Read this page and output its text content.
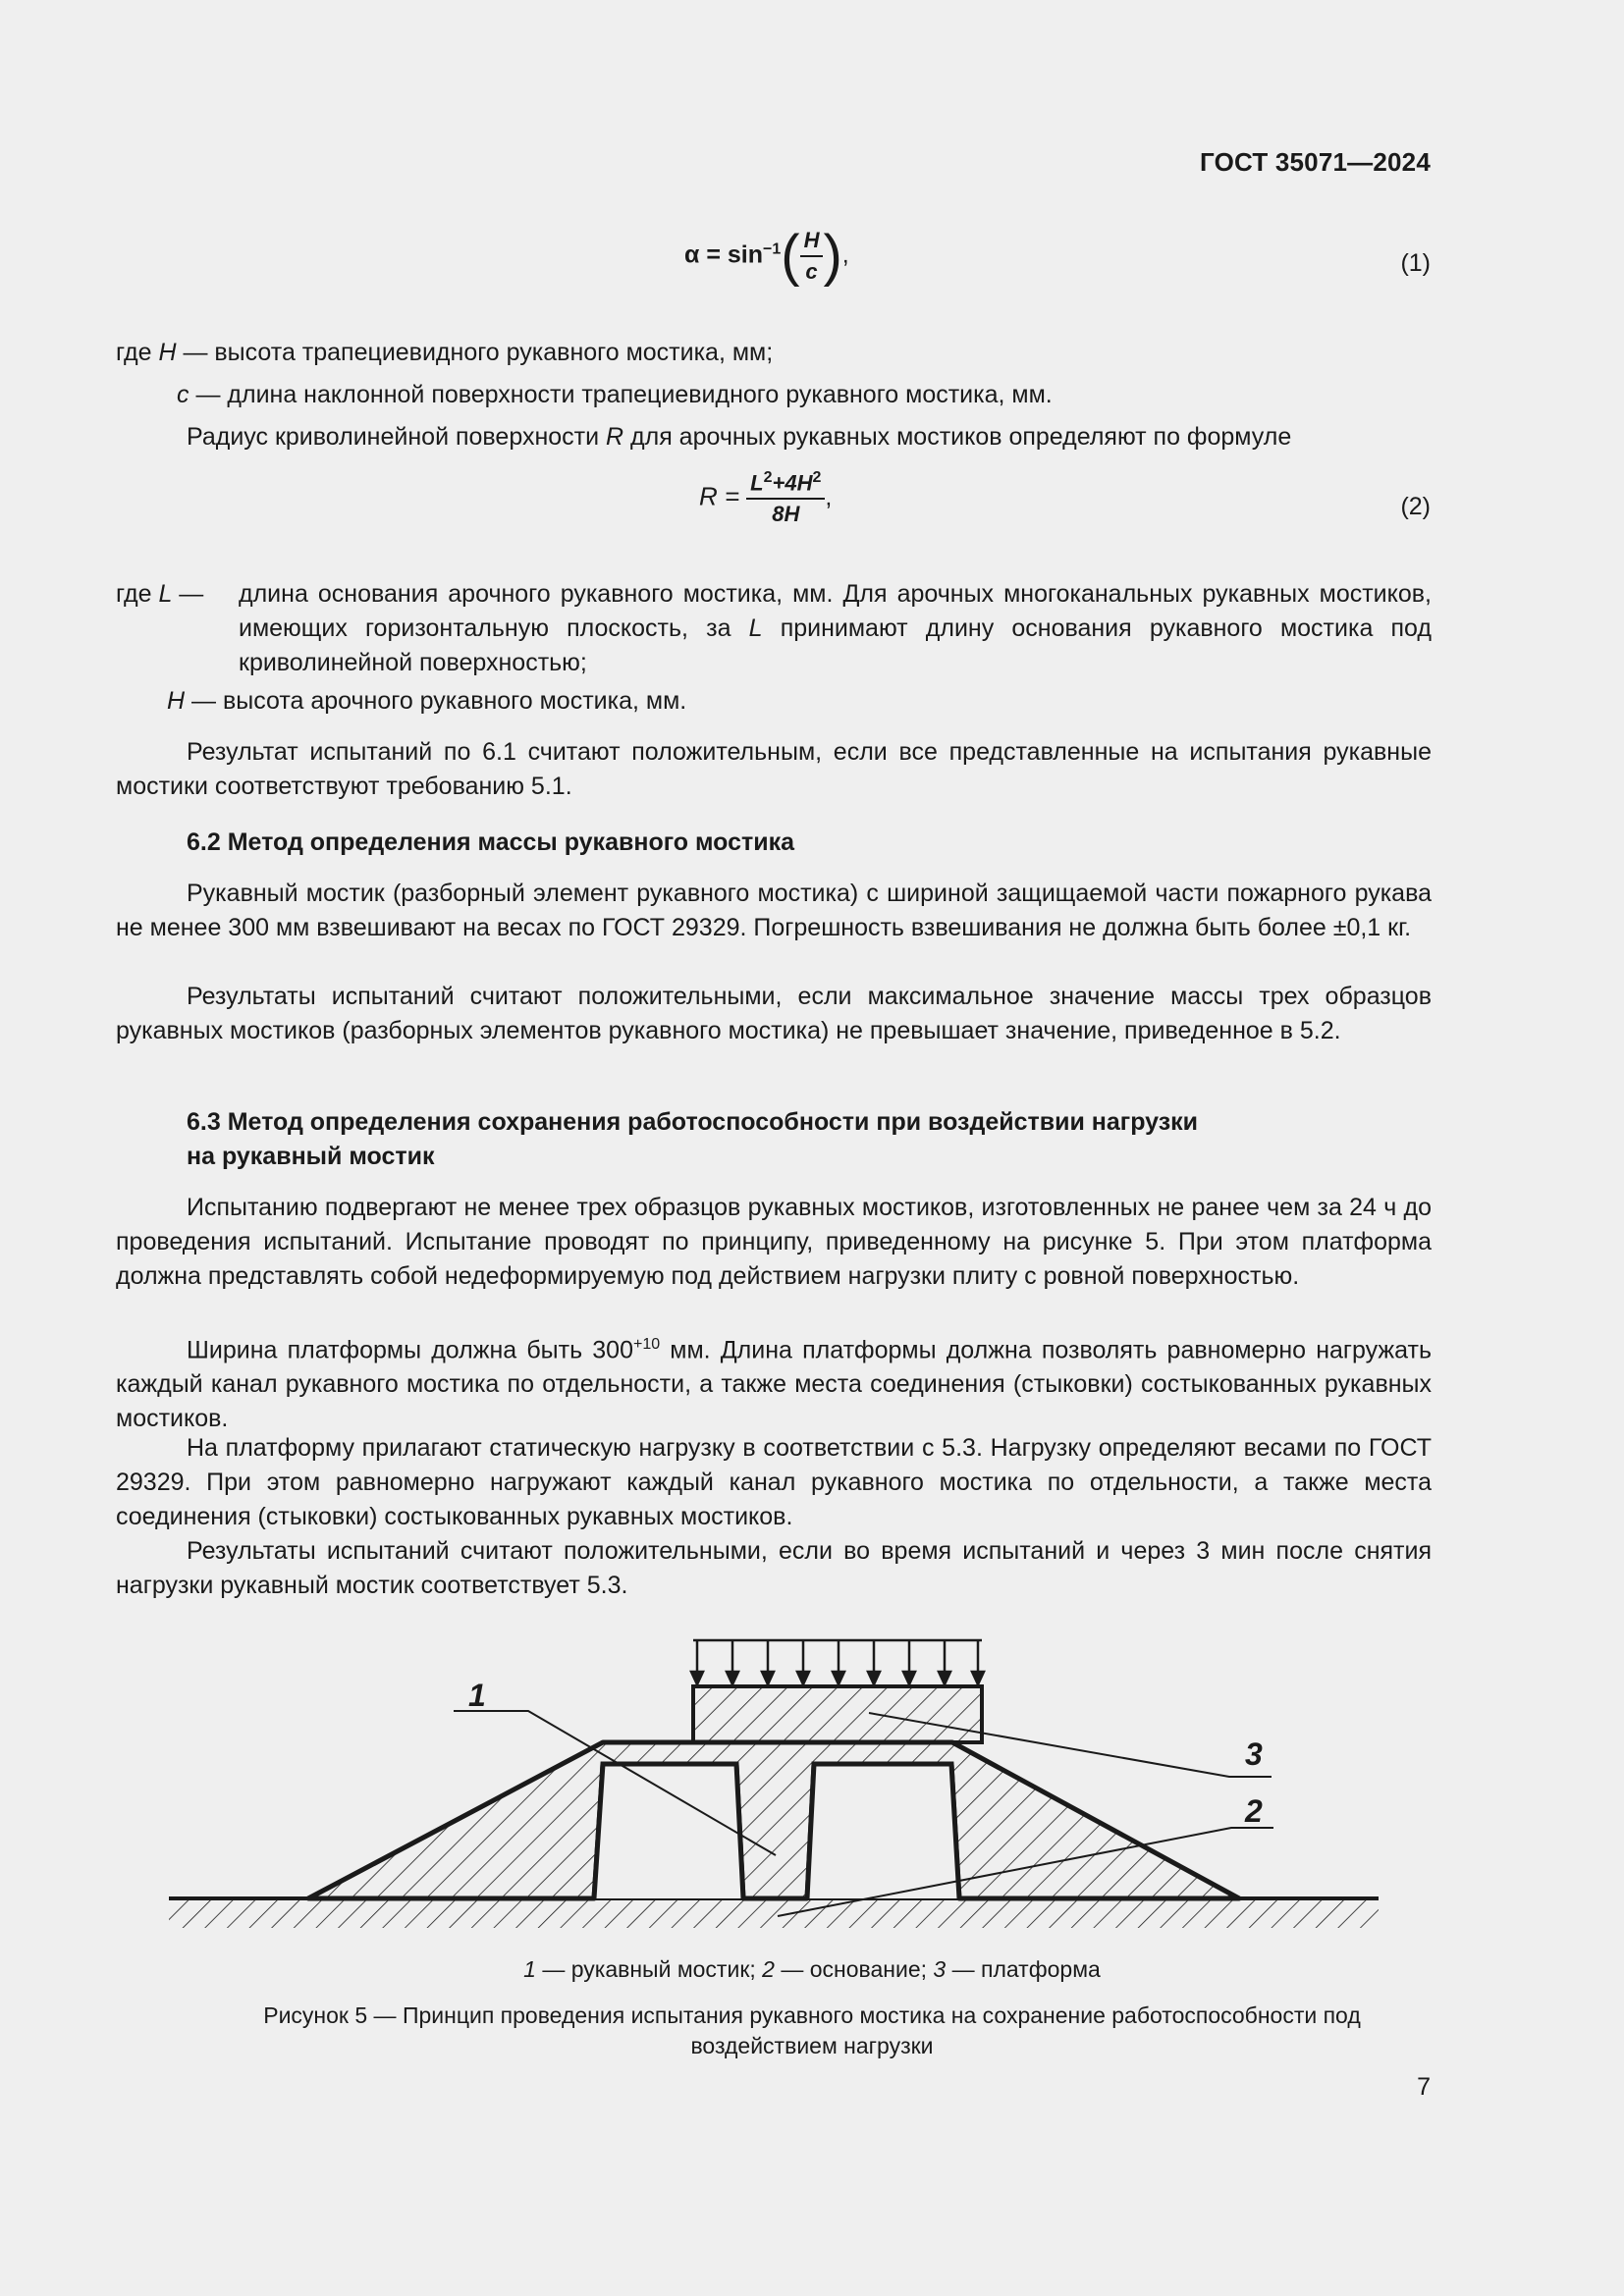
ГОСТ 35071—2024
$\alpha = \sin^{-1}( \frac{H}{c}$ ),	(1)
где H — высота трапециевидного рукавного мостика, мм;
c — длина наклонной поверхности трапециевидного рукавного мостика, мм.
Радиус криволинейной поверхности R для арочных рукавных мостиков определяют по формуле
$R = \frac{L^2+4H^2}{8H}$ ,	(2)
где L —	длина основания арочного рукавного мостика, мм. Для арочных многоканальных рукавных мостиков, имеющих горизонтальную плоскость, за L принимают длину основания рукавного мостика под криволинейной поверхностью;
H — высота арочного рукавного мостика, мм.
Результат испытаний по 6.1 считают положительным, если все представленные на испытания рукавные мостики соответствуют требованию 5.1.
6.2 Метод определения массы рукавного мостика
Рукавный мостик (разборный элемент рукавного мостика) с шириной защищаемой части пожарного рукава не менее 300 мм взвешивают на весах по ГОСТ 29329. Погрешность взвешивания не должна быть более ±0,1 кг.
Результаты испытаний считают положительными, если максимальное значение массы трех образцов рукавных мостиков (разборных элементов рукавного мостика) не превышает значение, приведенное в 5.2.
6.3 Метод определения сохранения работоспособности при воздействии нагрузки
на рукавный мостик
Испытанию подвергают не менее трех образцов рукавных мостиков, изготовленных не ранее чем за 24 ч до проведения испытаний. Испытание проводят по принципу, приведенному на рисунке 5. При этом платформа должна представлять собой недеформируемую под действием нагрузки плиту с ровной поверхностью.
Ширина платформы должна быть $300^{+10}$ мм. Длина платформы должна позволять равномерно нагружать каждый канал рукавного мостика по отдельности, а также места соединения (стыковки) состыкованных рукавных мостиков.
На платформу прилагают статическую нагрузку в соответствии с 5.3. Нагрузку определяют весами по ГОСТ 29329. При этом равномерно нагружают каждый канал рукавного мостика по отдельности, а также места соединения (стыковки) состыкованных рукавных мостиков.
Результаты испытаний считают положительными, если во время испытаний и через 3 мин после снятия нагрузки рукавный мостик соответствует 5.3.
1
3
2
1 — рукавный мостик; 2 — основание; 3 — платформа
Рисунок 5 — Принцип проведения испытания рукавного мостика на сохранение работоспособности под
воздействием нагрузки
7
